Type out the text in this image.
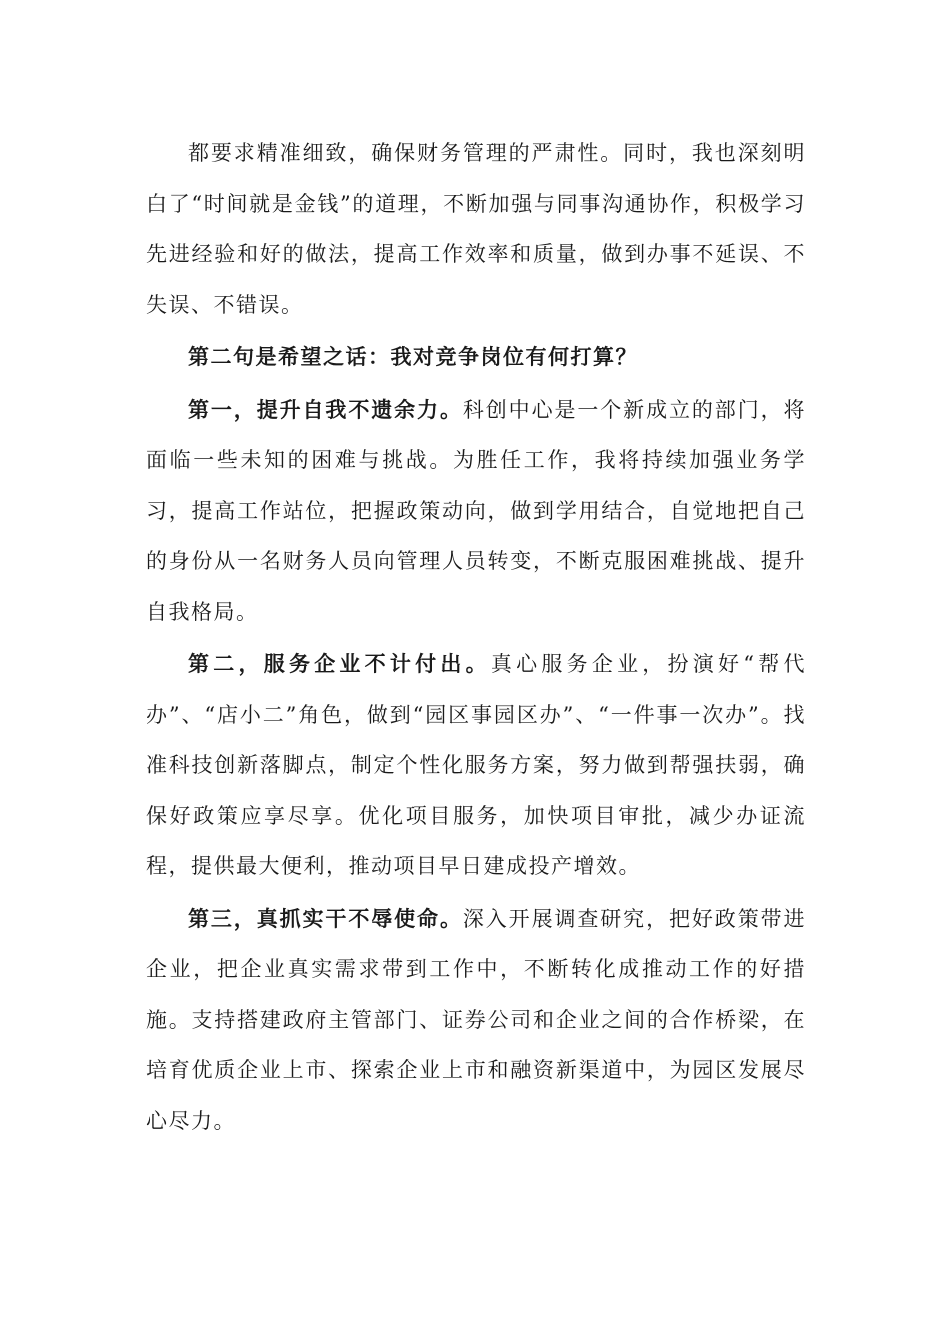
都要求精准细致，确保财务管理的严肃性。同时，我也深刻明白了“时间就是金钱”的道理，不断加强与同事沟通协作，积极学习先进经验和好的做法，提高工作效率和质量，做到办事不延误、不失误、不错误。

第二句是希望之话：我对竞争岗位有何打算？

第一，提升自我不遗余力。科创中心是一个新成立的部门，将面临一些未知的困难与挑战。为胜任工作，我将持续加强业务学习，提高工作站位，把握政策动向，做到学用结合，自觉地把自己的身份从一名财务人员向管理人员转变，不断克服困难挑战、提升自我格局。

第二，服务企业不计付出。真心服务企业，扮演好“帮代办”、“店小二”角色，做到“园区事园区办”、“一件事一次办”。找准科技创新落脚点，制定个性化服务方案，努力做到帮强扶弱，确保好政策应享尽享。优化项目服务，加快项目审批，减少办证流程，提供最大便利，推动项目早日建成投产增效。

第三，真抓实干不辱使命。深入开展调查研究，把好政策带进企业，把企业真实需求带到工作中，不断转化成推动工作的好措施。支持搭建政府主管部门、证券公司和企业之间的合作桥梁，在培育优质企业上市、探索企业上市和融资新渠道中，为园区发展尽心尽力。
